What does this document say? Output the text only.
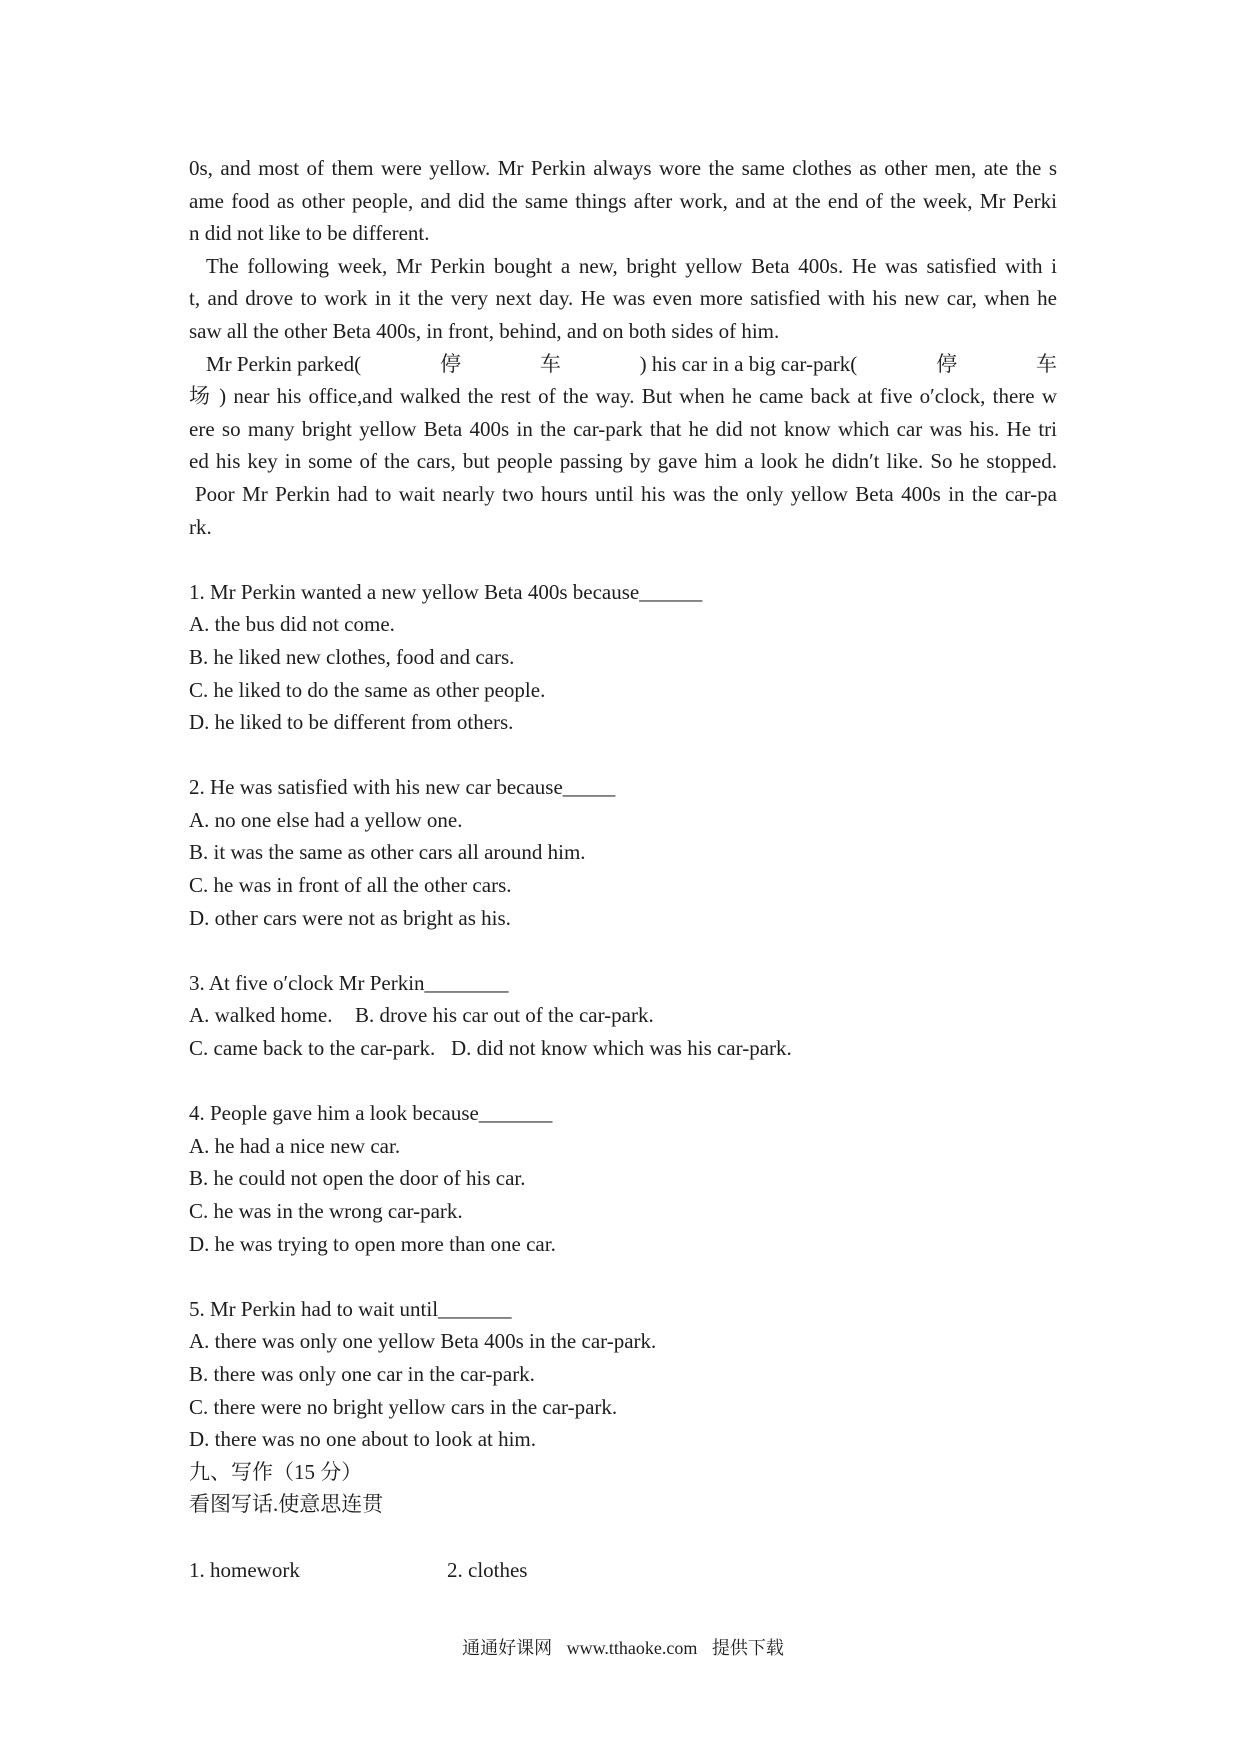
0s, and most of them were yellow. Mr Perkin always wore the same clothes as other men, ate the s
ame food as other people, and did the same things after work, and at the end of the week, Mr Perki
n did not like to be different.
The following week, Mr Perkin bought a new, bright yellow Beta 400s. He was satisfied with i
t, and drove to work in it the very next day. He was even more satisfied with his new car, when he
saw all the other Beta 400s, in front, behind, and on both sides of him.
Mr Perkin parked(	停	车	) his car in a big car-park(	停	车
场 ) near his office,and walked the rest of the way. But when he came back at five o′clock, there w
ere so many bright yellow Beta 400s in the car-park that he did not know which car was his. He tri
ed his key in some of the cars, but people passing by gave him a look he didn′t like. So he stopped.
Poor Mr Perkin had to wait nearly two hours until his was the only yellow Beta 400s in the car-pa
rk.
1. Mr Perkin wanted a new yellow Beta 400s because______
A. the bus did not come.
B. he liked new clothes, food and cars.
C. he liked to do the same as other people.
D. he liked to be different from others.
2. He was satisfied with his new car because_____
A. no one else had a yellow one.
B. it was the same as other cars all around him.
C. he was in front of all the other cars.
D. other cars were not as bright as his.
3. At five o′clock Mr Perkin________
A. walked home. B. drove his car out of the car-park.
C. came back to the car-park. D. did not know which was his car-park.
4. People gave him a look because_______
A. he had a nice new car.
B. he could not open the door of his car.
C. he was in the wrong car-park.
D. he was trying to open more than one car.
5. Mr Perkin had to wait until_______
A. there was only one yellow Beta 400s in the car-park.
B. there was only one car in the car-park.
C. there were no bright yellow cars in the car-park.
D. there was no one about to look at him.
九、写作（15 分）
看图写话.使意思连贯
1. homework	2. clothes
通通好课网 www.tthaoke.com 提供下载
